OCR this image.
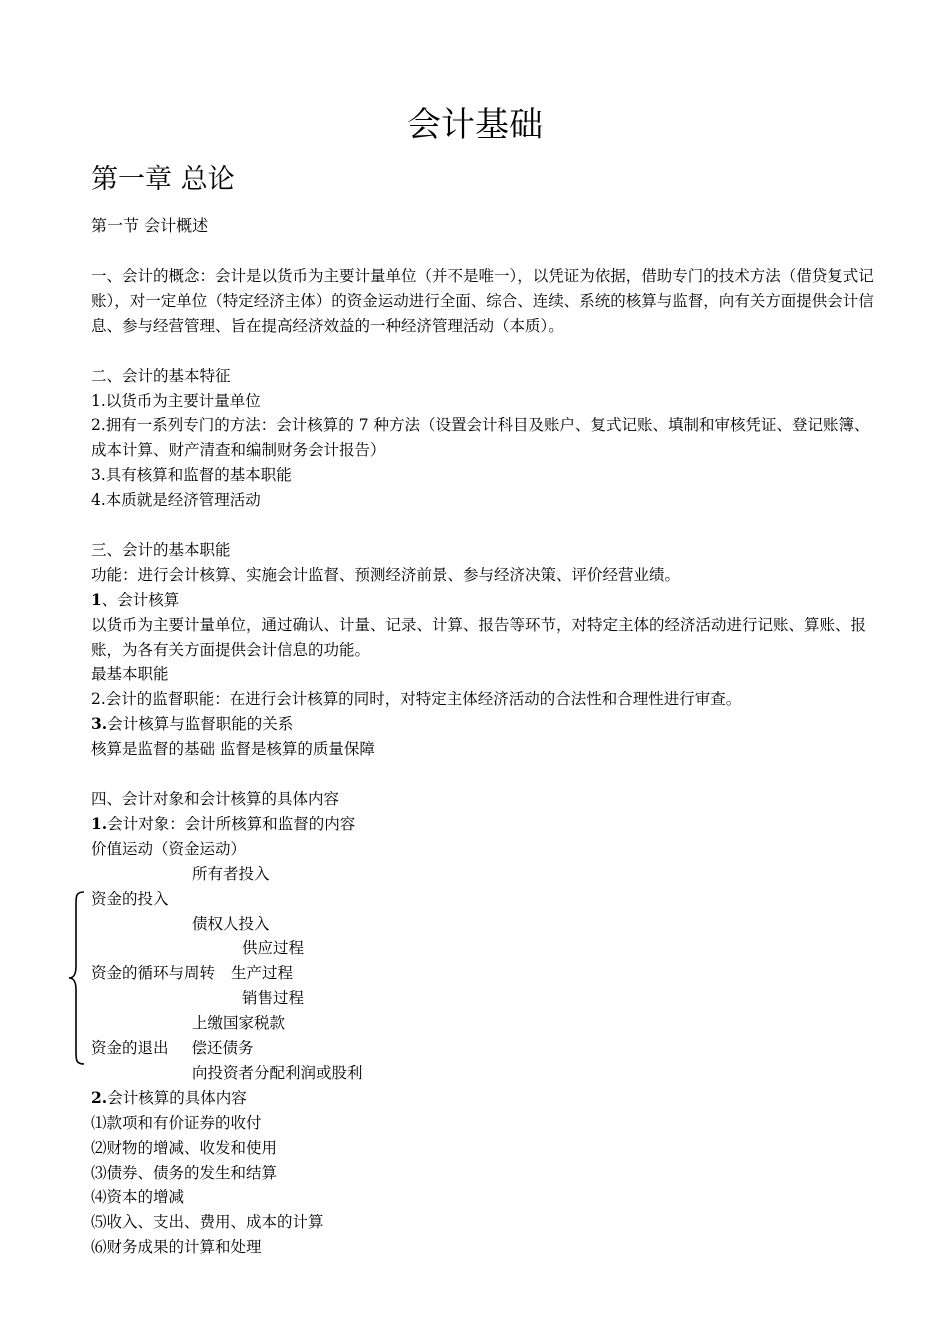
会计基础
第一章 总论
第一节 会计概述

一、会计的概念：会计是以货币为主要计量单位（并不是唯一），以凭证为依据，借助专门的技术方法（借贷复式记账），对一定单位（特定经济主体）的资金运动进行全面、综合、连续、系统的核算与监督，向有关方面提供会计信息、参与经营管理、旨在提高经济效益的一种经济管理活动（本质）。

二、会计的基本特征

1.以货币为主要计量单位

2.拥有一系列专门的方法：会计核算的 7 种方法（设置会计科目及账户、复式记账、填制和审核凭证、登记账簿、成本计算、财产清查和编制财务会计报告）

3.具有核算和监督的基本职能

4.本质就是经济管理活动

三、会计的基本职能

功能：进行会计核算、实施会计监督、预测经济前景、参与经济决策、评价经营业绩。

1、会计核算

以货币为主要计量单位，通过确认、计量、记录、计算、报告等环节，对特定主体的经济活动进行记账、算账、报账，为各有关方面提供会计信息的功能。

最基本职能

2.会计的监督职能：在进行会计核算的同时，对特定主体经济活动的合法性和合理性进行审查。

3.会计核算与监督职能的关系

核算是监督的基础 监督是核算的质量保障

四、会计对象和会计核算的具体内容

1.会计对象：会计所核算和监督的内容

价值运动（资金运动）

所有者投入

资金的投入

债权人投入

供应过程

资金的循环与周转 生产过程

销售过程

上缴国家税款

资金的退出 偿还债务

向投资者分配利润或股利

2.会计核算的具体内容

⑴款项和有价证券的收付

⑵财物的增减、收发和使用

⑶债券、债务的发生和结算

⑷资本的增减

⑸收入、支出、费用、成本的计算

⑹财务成果的计算和处理
